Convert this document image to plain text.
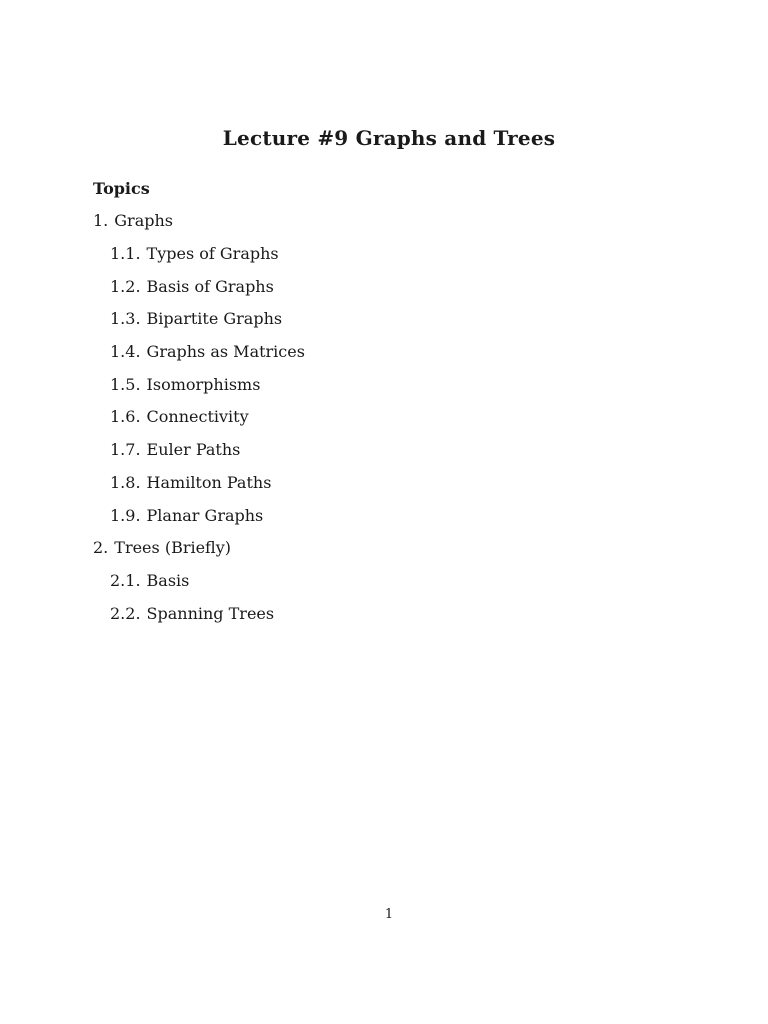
Lecture #9 Graphs and Trees
Topics
1. Graphs
1.1. Types of Graphs
1.2. Basis of Graphs
1.3. Bipartite Graphs
1.4. Graphs as Matrices
1.5. Isomorphisms
1.6. Connectivity
1.7. Euler Paths
1.8. Hamilton Paths
1.9. Planar Graphs
2. Trees (Briefly)
2.1. Basis
2.2. Spanning Trees
1
